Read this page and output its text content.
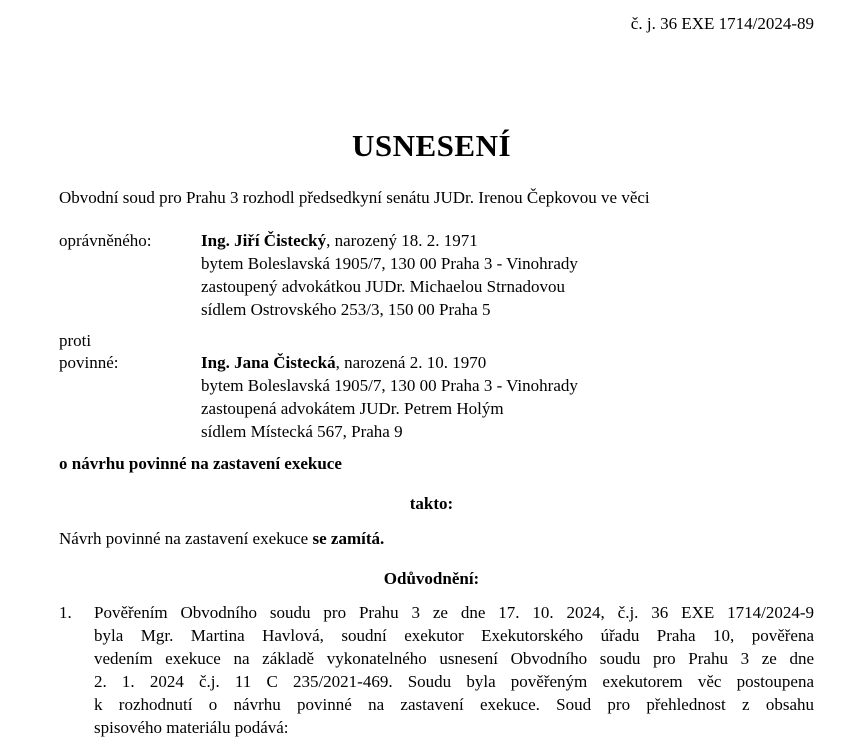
č. j. 36 EXE 1714/2024-89
USNESENÍ
Obvodní soud pro Prahu 3 rozhodl předsedkyní senátu JUDr. Irenou Čepkovou ve věci
oprávněného:	Ing. Jiří Čistecký, narozený 18. 2. 1971
bytem Boleslavská 1905/7, 130 00 Praha 3 - Vinohrady
zastoupený advokátkou JUDr. Michaelou Strnadovou
sídlem Ostrovského 253/3, 150 00 Praha 5
proti
povinné:	Ing. Jana Čistecká, narozená 2. 10. 1970
bytem Boleslavská 1905/7, 130 00 Praha 3 - Vinohrady
zastoupená advokátem JUDr. Petrem Holým
sídlem Místecká 567, Praha 9
o návrhu povinné na zastavení exekuce
takto:
Návrh povinné na zastavení exekuce se zamítá.
Odůvodnění:
1. Pověřením Obvodního soudu pro Prahu 3 ze dne 17. 10. 2024, č.j. 36 EXE 1714/2024-9
byla Mgr. Martina Havlová, soudní exekutor Exekutorského úřadu Praha 10, pověřena
vedením exekuce na základě vykonatelného usnesení Obvodního soudu pro Prahu 3 ze dne
2. 1. 2024 č.j. 11 C 235/2021-469. Soudu byla pověřeným exekutorem věc postoupena
k rozhodnutí o návrhu povinné na zastavení exekuce. Soud pro přehlednost z obsahu
spisového materiálu podává:
